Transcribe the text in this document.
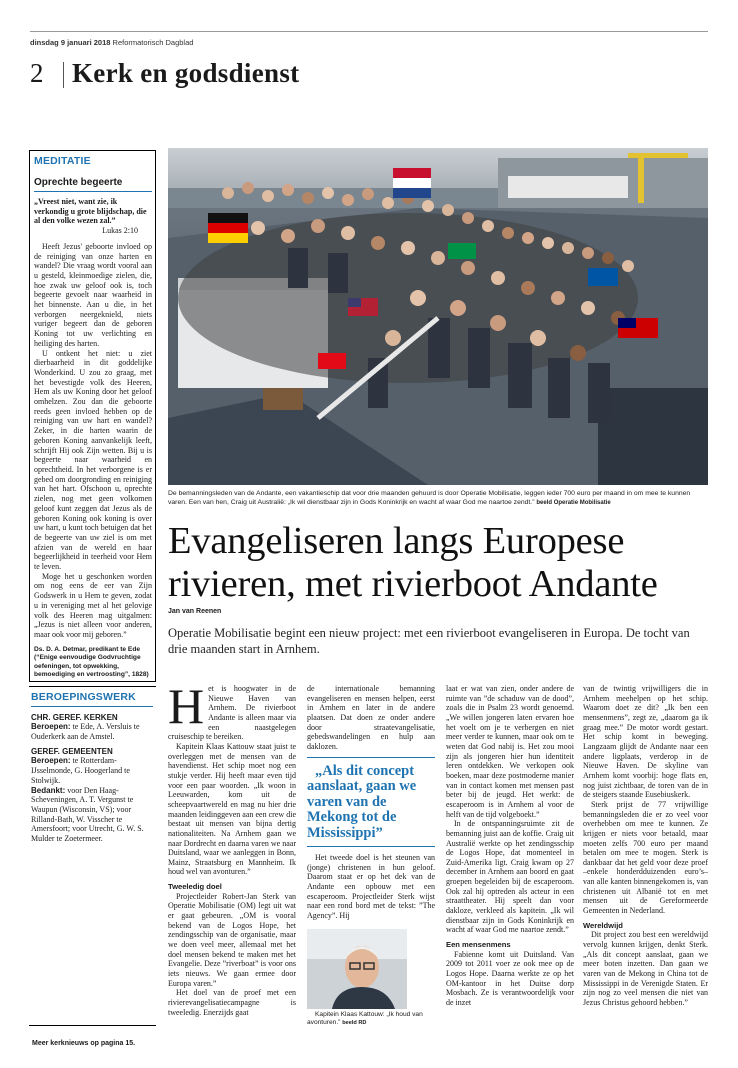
dinsdag 9 januari 2018 Reformatorisch Dagblad
2 Kerk en godsdienst
MEDITATIE
Oprechte begeerte
„Vreest niet, want zie, ik verkondig u grote blijdschap, die al den volke wezen zal.”
Lukas 2:10

Heeft Jezus' geboorte invloed op de reiniging van onze harten en wandel? Die vraag wordt vooral aan u gesteld, kleinmoedige zielen, die, hoe zwak uw geloof ook is, toch begeerte gevoelt naar waarheid in het binnenste. Aan u die, in het verborgen neergeknield, niets vuriger begeert dan de geboren Koning tot uw verlichting en heiliging des harten.

U ontkent het niet: u ziet dierbaarheid in dit goddelijke Wonderkind. U zou zo graag, met het bevestigde volk des Heeren, Hem als uw Koning door het geloof omhelzen. Zou dan die geboorte reeds geen invloed hebben op de reiniging van uw hart en wandel? Zeker, in die harten waarin de geboren Koning aanvankelijk leeft, schrijft Hij ook Zijn wetten. Bij u is begeerte naar waarheid en oprechtheid. In het verborgene is er gebed om doorgronding en reiniging van het hart. Ofschoon u, oprechte zielen, nog met geen volkomen geloof kunt zeggen dat Jezus als de geboren Koning ook koning is over uw hart, u kunt toch betuigen dat het de begeerte van uw ziel is om met afzien van de wereld en haar begeerlijkheid in teerheid voor Hem te leven.

Moge het u geschonken worden om nog eens de eer van Zijn Godswerk in u Hem te geven, zodat u in vereniging met al het gelovige volk des Heeren mag uitgalmen: „Jezus is niet alleen voor anderen, maar ook voor mij geboren.”

Ds. D. A. Detmar, predikant te Ede (“Enige eenvoudige Godvruchtige oefeningen, tot opwekking, bemoediging en vertroosting”, 1828)
BEROEPINGSWERK
CHR. GEREF. KERKEN
Beroepen: te Ede, A. Versluis te Ouderkerk aan de Amstel.
GEREF. GEMEENTEN
Beroepen: te Rotterdam-IJsselmonde, G. Hoogerland te Stolwijk.
Bedankt: voor Den Haag-Scheveningen, A. T. Vergunst te Waupun (Wisconsin, VS); voor Rilland-Bath, W. Visscher te Amersfoort; voor Utrecht, G. W. S. Mulder te Zoetermeer.
Meer kerknieuws op pagina 15.
De bemanningsleden van de Andante, een vakantieschip dat voor drie maanden gehuurd is door Operatie Mobilisatie, leggen ieder 700 euro per maand in om mee te kunnen varen. Een van hen, Craig uit Australië: „Ik wil dienstbaar zijn in Gods Koninkrijk en wacht af waar God me naartoe zendt.” beeld Operatie Mobilisatie
Evangeliseren langs Europese rivieren, met rivierboot Andante
Jan van Reenen
Operatie Mobilisatie begint een nieuw project: met een rivierboot evangeliseren in Europa. De tocht van drie maanden start in Arnhem.

Het is hoogwater in de Nieuwe Haven van Arnhem. De rivierboot Andante is alleen maar via een naastgelegen cruiseschip te bereiken.

Kapitein Klaas Kattouw staat juist te overleggen met de mensen van de havendienst. Het schip moet nog een stukje verder. Hij heeft maar even tijd voor een paar woorden. „Ik woon in Leeuwarden, kom uit de scheepvaartwereld en mag nu hier drie maanden leidinggeven aan een crew die bestaat uit mensen van bijna dertig nationaliteiten. Na Arnhem gaan we naar Dordrecht en daarna varen we naar Duitsland, waar we aanleggen in Bonn, Mainz, Straatsburg en Mannheim. Ik houd wel van avonturen.”

Tweeledig doel

Projectleider Robert-Jan Sterk van Operatie Mobilisatie (OM) legt uit wat er gaat gebeuren. „OM is vooral bekend van de Logos Hope, het zendingsschip van de organisatie, maar we doen veel meer, allemaal met het doel mensen bekend te maken met het Evangelie. Deze ”riverboat” is voor ons iets nieuws. We gaan ermee door Europa varen.”

Het doel van de proef met een rivierevangelisatiecampagne is tweeledig. Enerzijds gaat

de internationale bemanning evangeliseren en mensen helpen, eerst in Arnhem en later in de andere plaatsen. Dat doen ze onder andere door straatevangelisatie, gebedswandelingen en hulp aan daklozen.

„Als dit concept aanslaat, gaan we varen van de Mekong tot de Mississippi”

Het tweede doel is het steunen van (jonge) christenen in hun geloof. Daarom staat er op het dek van de Andante een opbouw met een escaperoom. Projectleider Sterk wijst naar een rond bord met de tekst: ”The Agency”. Hij

Kapitein Klaas Kattouw: „Ik houd van avonturen.” beeld RD

laat er wat van zien, onder andere de ruimte van ”de schaduw van de dood”, zoals die in Psalm 23 wordt genoemd. „We willen jongeren laten ervaren hoe het voelt om je te verbergen en niet meer verder te kunnen, maar ook om te weten dat God nabij is. Het zou mooi zijn als jongeren hier hun identiteit leren ontdekken. We verkopen ook boeken, maar deze postmoderne manier van in contact komen met mensen past beter bij de jeugd. Het werkt: de escaperoom is in Arnhem al voor de helft van de tijd volgeboekt.”

In de ontspanningsruimte zit de bemanning juist aan de koffie. Craig uit Australië werkte op het zendingsschip de Logos Hope, dat momenteel in Zuid-Amerika ligt. Craig kwam op 27 december in Arnhem aan boord en gaat groepen begeleiden bij de escaperoom. Ook zal hij optreden als acteur in een straattheater. Hij speelt dan voor dakloze, verkleed als kapitein. „Ik wil dienstbaar zijn in Gods Koninkrijk en wacht af waar God me naartoe zendt.”

Een mensenmens

Fabienne komt uit Duitsland. Van 2009 tot 2011 voer ze ook mee op de Logos Hope. Daarna werkte ze op het OM-kantoor in het Duitse dorp Mosbach. Ze is verantwoordelijk voor de inzet

van de twintig vrijwilligers die in Arnhem meehelpen op het schip. Waarom doet ze dit? „Ik ben een mensenmens”, zegt ze, „daarom ga ik graag mee.” De motor wordt gestart. Het schip komt in beweging. Langzaam glijdt de Andante naar een andere ligplaats, verderop in de Nieuwe Haven. De skyline van Arnhem komt voorbij: hoge flats en, nog juist zichtbaar, de toren van de in de steigers staande Eusebiuskerk.

Sterk prijst de 77 vrijwillige bemanningsleden die er zo veel voor overhebben om mee te kunnen. Ze krijgen er niets voor betaald, maar moeten zelfs 700 euro per maand betalen om mee te mogen. Sterk is dankbaar dat het geld voor deze proef –enkele honderdduizenden euro’s– van alle kanten binnengekomen is, van christenen uit Albanië tot en met mensen uit de Gereformeerde Gemeenten in Nederland.

Wereldwijd

Dit project zou best een wereldwijd vervolg kunnen krijgen, denkt Sterk. „Als dit concept aanslaat, gaan we meer boten inzetten. Dan gaan we varen van de Mekong in China tot de Mississippi in de Verenigde Staten. Er zijn nog zo veel mensen die niet van Jezus Christus gehoord hebben.”
